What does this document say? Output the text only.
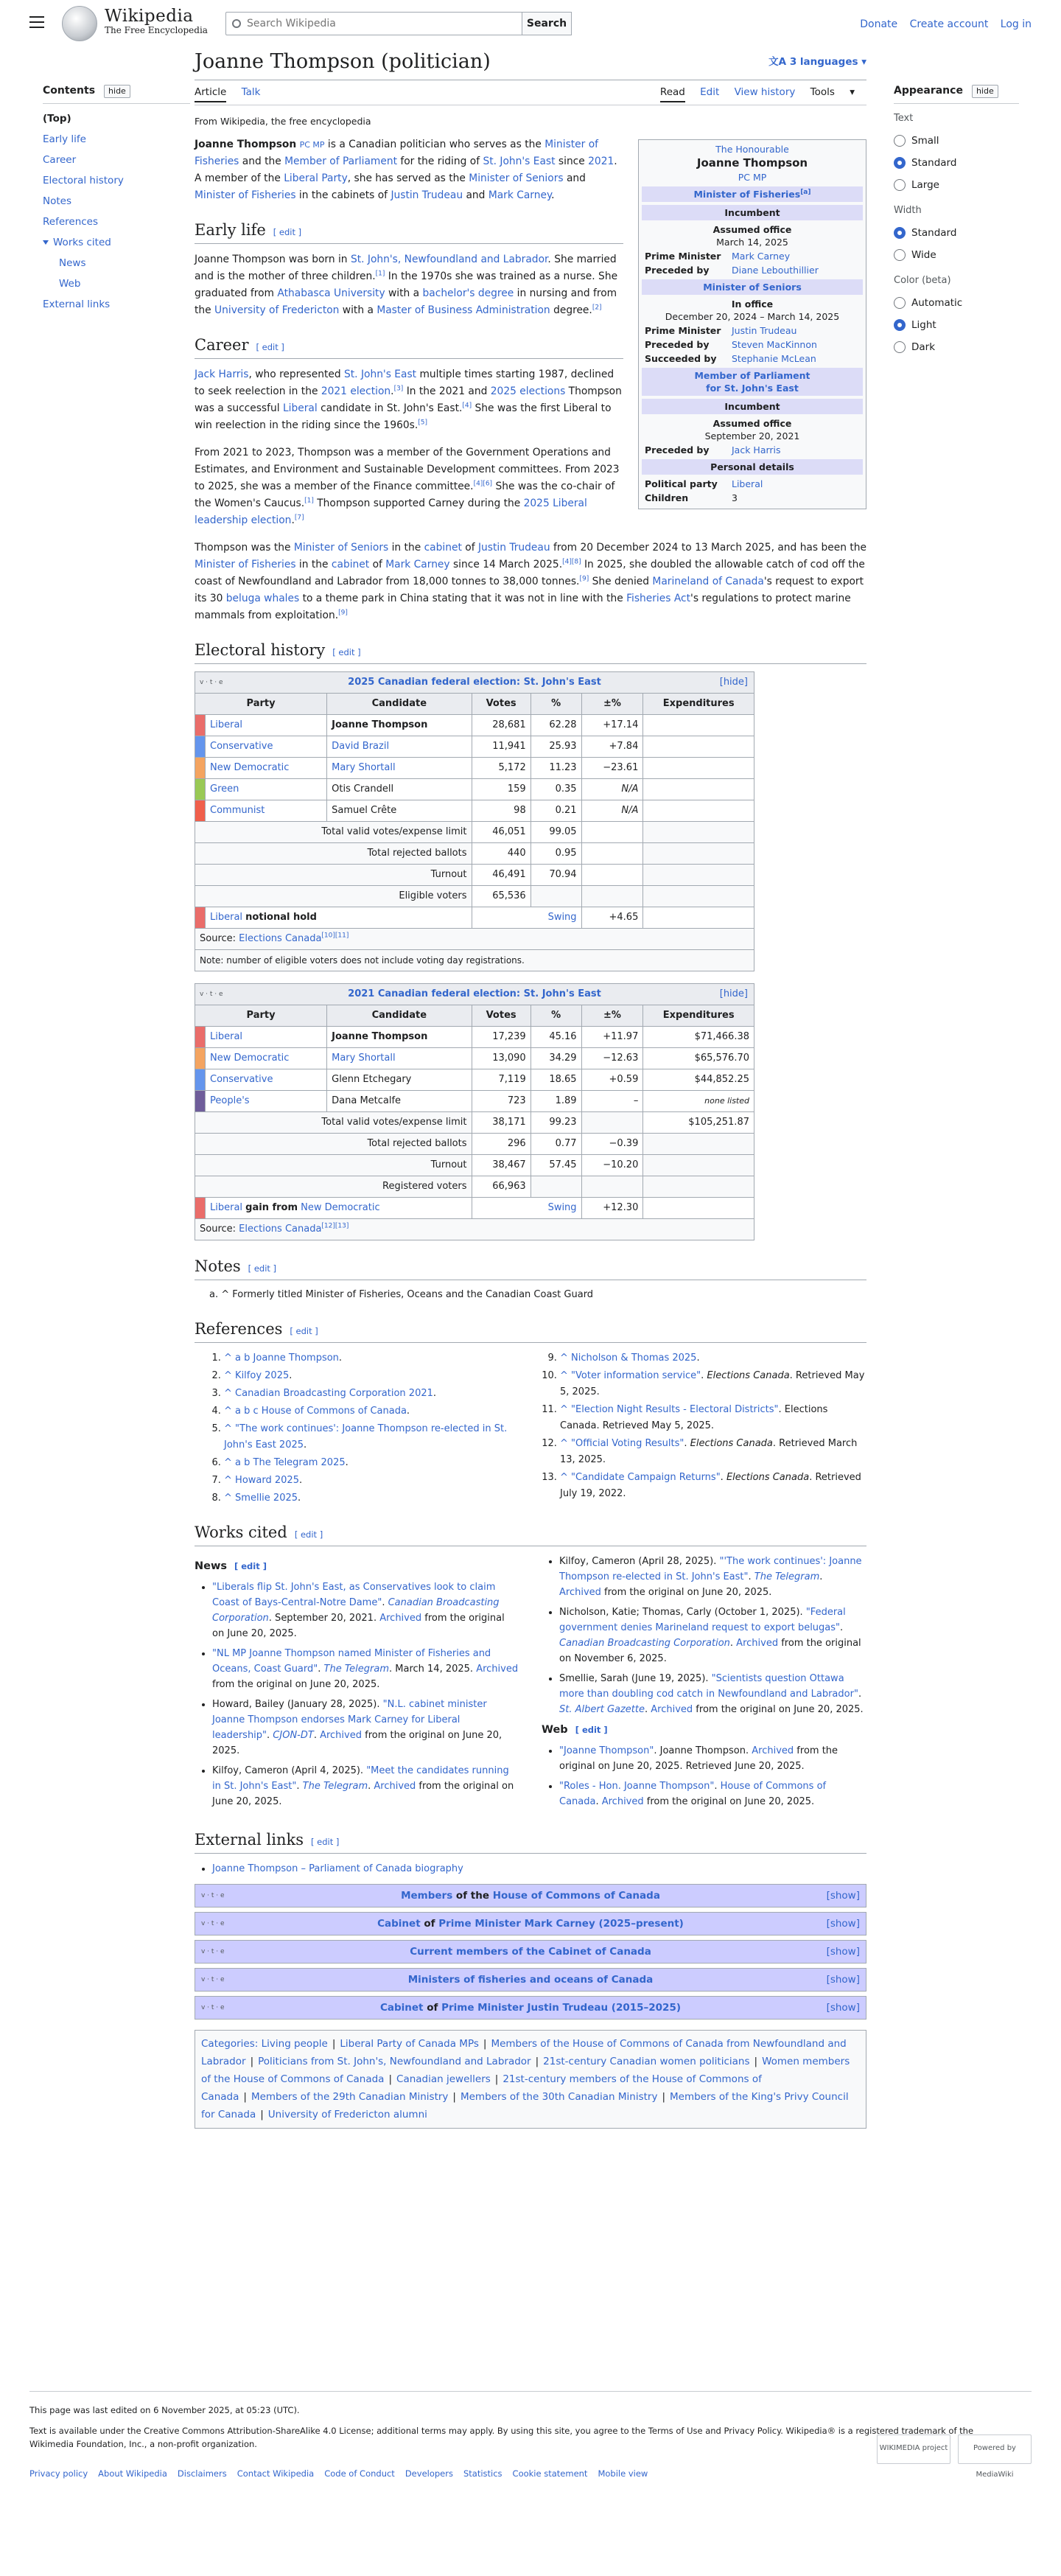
Wikipedia
The Free Encyclopedia
Search Wikipedia
Search	Donate Create account Log in
Contents hide
(Top)
Early life
Career
Electoral history
Notes
References
Works cited
News
Web
External links
Appearance hide
Text
Small
Standard
Large
Width
Standard
Wide
Color (beta)
Automatic
Light
Dark
Joanne Thompson (politician)	文A 3 languages ▾
Article Talk	Read Edit View history Tools ▾
From Wikipedia, the free encyclopedia
The Honourable
Joanne Thompson
PC MP
Minister of Fisheries[a]
Incumbent
Assumed office
March 14, 2025
Prime Minister	Mark Carney
Preceded by	Diane Lebouthillier
Minister of Seniors
In office
December 20, 2024 – March 14, 2025
Prime Minister	Justin Trudeau
Preceded by	Steven MacKinnon
Succeeded by	Stephanie McLean
Member of Parliament
for St. John's East
Incumbent
Assumed office
September 20, 2021
Preceded by	Jack Harris
Personal details
Political party	Liberal
Children	3

Joanne Thompson PC MP is a Canadian politician who serves as the Minister of Fisheries and the Member of Parliament for the riding of St. John's East since 2021. A member of the Liberal Party, she has served as the Minister of Seniors and Minister of Fisheries in the cabinets of Justin Trudeau and Mark Carney.

Early life [ edit ]

Joanne Thompson was born in St. John's, Newfoundland and Labrador. She married and is the mother of three children.[1] In the 1970s she was trained as a nurse. She graduated from Athabasca University with a bachelor's degree in nursing and from the University of Fredericton with a Master of Business Administration degree.[2]

Career [ edit ]

Jack Harris, who represented St. John's East multiple times starting 1987, declined to seek reelection in the 2021 election.[3] In the 2021 and 2025 elections Thompson was a successful Liberal candidate in St. John's East.[4] She was the first Liberal to win reelection in the riding since the 1960s.[5]

From 2021 to 2023, Thompson was a member of the Government Operations and Estimates, and Environment and Sustainable Development committees. From 2023 to 2025, she was a member of the Finance committee.[4][6] She was the co-chair of the Women's Caucus.[1] Thompson supported Carney during the 2025 Liberal leadership election.[7]

Thompson was the Minister of Seniors in the cabinet of Justin Trudeau from 20 December 2024 to 13 March 2025, and has been the Minister of Fisheries in the cabinet of Mark Carney since 14 March 2025.[4][8] In 2025, she doubled the allowable catch of cod off the coast of Newfoundland and Labrador from 18,000 tonnes to 38,000 tonnes.[9] She denied Marineland of Canada's request to export its 30 beluga whales to a theme park in China stating that it was not in line with the Fisheries Act's regulations to protect marine mammals from exploitation.[9]

Electoral history [ edit ]
v · t · e 2025 Canadian federal election: St. John's East [hide]						

Party		Candidate	Votes	%	±%	Expenditures
	Liberal	Joanne Thompson	28,681	62.28	+17.14	
	Conservative	David Brazil	11,941	25.93	+7.84	
	New Democratic	Mary Shortall	5,172	11.23	−23.61	
	Green	Otis Crandell	159	0.35	N/A	
	Communist	Samuel Crête	98	0.21	N/A	
Total valid votes/expense limit			46,051	99.05		
Total rejected ballots			440	0.95		
Turnout			46,491	70.94		
Eligible voters			65,536			
	Liberal notional hold		Swing		+4.65	
Source: Elections Canada[10][11]
Note: number of eligible voters does not include voting day registrations.						
v · t · e 2021 Canadian federal election: St. John's East [hide]						

Party		Candidate	Votes	%	±%	Expenditures
	Liberal	Joanne Thompson	17,239	45.16	+11.97	$71,466.38
	New Democratic	Mary Shortall	13,090	34.29	−12.63	$65,576.70
	Conservative	Glenn Etchegary	7,119	18.65	+0.59	$44,852.25
	People's	Dana Metcalfe	723	1.89	–	none listed
Total valid votes/expense limit			38,171	99.23		$105,251.87
Total rejected ballots			296	0.77	−0.39	
Turnout			38,467	57.45	−10.20	
Registered voters			66,963			
	Liberal gain from New Democratic		Swing		+12.30	
Source: Elections Canada[12][13]
Notes [ edit ]
a. ^ Formerly titled Minister of Fisheries, Oceans and the Canadian Coast Guard
References [ edit ]
1. ^ a b Joanne Thompson.
2. ^ Kilfoy 2025.
3. ^ Canadian Broadcasting Corporation 2021.
4. ^ a b c House of Commons of Canada.
5. ^ "The work continues': Joanne Thompson re-elected in St. John's East 2025.
6. ^ a b The Telegram 2025.
7. ^ Howard 2025.
8. ^ Smellie 2025.
9. ^ Nicholson & Thomas 2025.
10. ^ "Voter information service". Elections Canada. Retrieved May 5, 2025.
11. ^ "Election Night Results - Electoral Districts". Elections Canada. Retrieved May 5, 2025.
12. ^ "Official Voting Results". Elections Canada. Retrieved March 13, 2025.
13. ^ "Candidate Campaign Returns". Elections Canada. Retrieved July 19, 2022.
Works cited [ edit ]
News [ edit ]
• "Liberals flip St. John's East, as Conservatives look to claim Coast of Bays-Central-Notre Dame". Canadian Broadcasting Corporation. September 20, 2021. Archived from the original on June 20, 2025.
• "NL MP Joanne Thompson named Minister of Fisheries and Oceans, Coast Guard". The Telegram. March 14, 2025. Archived from the original on June 20, 2025.
• Howard, Bailey (January 28, 2025). "N.L. cabinet minister Joanne Thompson endorses Mark Carney for Liberal leadership". CJON-DT. Archived from the original on June 20, 2025.
• Kilfoy, Cameron (April 4, 2025). "Meet the candidates running in St. John's East". The Telegram. Archived from the original on June 20, 2025.
• Kilfoy, Cameron (April 28, 2025). "'The work continues': Joanne Thompson re-elected in St. John's East". The Telegram. Archived from the original on June 20, 2025.
• Nicholson, Katie; Thomas, Carly (October 1, 2025). "Federal government denies Marineland request to export belugas". Canadian Broadcasting Corporation. Archived from the original on November 6, 2025.
• Smellie, Sarah (June 19, 2025). "Scientists question Ottawa more than doubling cod catch in Newfoundland and Labrador". St. Albert Gazette. Archived from the original on June 20, 2025.
Web [ edit ]
• "Joanne Thompson". Joanne Thompson. Archived from the original on June 20, 2025. Retrieved June 20, 2025.
• "Roles - Hon. Joanne Thompson". House of Commons of Canada. Archived from the original on June 20, 2025.
External links [ edit ]
• Joanne Thompson – Parliament of Canada biography
v · t · e	Members of the House of Commons of Canada	[show]
v · t · e	Cabinet of Prime Minister Mark Carney (2025–present)	[show]
v · t · e	Current members of the Cabinet of Canada	[show]
v · t · e	Ministers of fisheries and oceans of Canada	[show]
v · t · e	Cabinet of Prime Minister Justin Trudeau (2015–2025)	[show]
Categories: Living people | Liberal Party of Canada MPs | Members of the House of Commons of Canada from Newfoundland and Labrador | Politicians from St. John's, Newfoundland and Labrador | 21st-century Canadian women politicians | Women members of the House of Commons of Canada | Canadian jewellers | 21st-century members of the House of Commons of Canada | Members of the 29th Canadian Ministry | Members of the 30th Canadian Ministry | Members of the King's Privy Council for Canada | University of Fredericton alumni
This page was last edited on 6 November 2025, at 05:23 (UTC).
Text is available under the Creative Commons Attribution-ShareAlike 4.0 License; additional terms may apply. By using this site, you agree to the Terms of Use and Privacy Policy. Wikipedia® is a registered trademark of the Wikimedia Foundation, Inc., a non-profit organization.
Privacy policy About Wikipedia Disclaimers Contact Wikipedia Code of Conduct Developers Statistics Cookie statement Mobile view
WIKIMEDIA project	Powered by MediaWiki
